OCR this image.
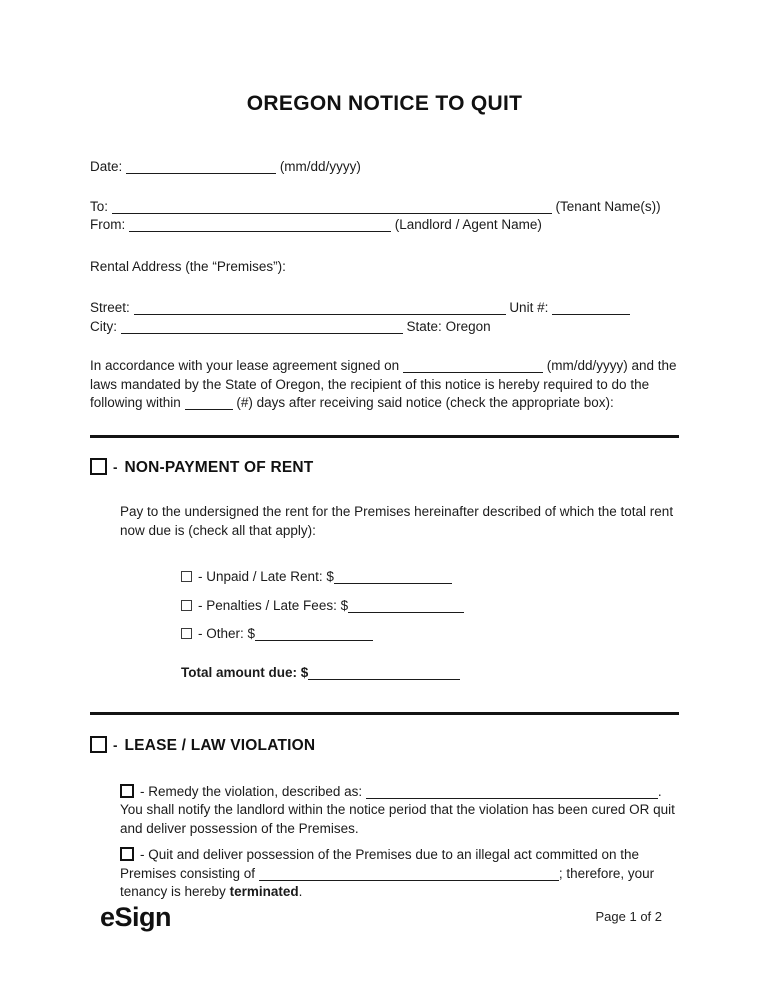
OREGON NOTICE TO QUIT
Date:	(mm/dd/yyyy)
To:	(Tenant Name(s))
From:	(Landlord / Agent Name)
Rental Address (the “Premises”):
Street:	Unit #:
City:	State: Oregon
In accordance with your lease agreement signed on	(mm/dd/yyyy) and the laws mandated by the State of Oregon, the recipient of this notice is hereby required to do the following within	(#) days after receiving said notice (check the appropriate box):
- NON-PAYMENT OF RENT
Pay to the undersigned the rent for the Premises hereinafter described of which the total rent now due is (check all that apply):
- Unpaid / Late Rent: $
- Penalties / Late Fees: $
- Other: $
Total amount due: $
- LEASE / LAW VIOLATION
- Remedy the violation, described as:	.
You shall notify the landlord within the notice period that the violation has been cured OR quit and deliver possession of the Premises.
- Quit and deliver possession of the Premises due to an illegal act committed on the Premises consisting of	; therefore, your tenancy is hereby terminated.
eSign	Page 1 of 2
